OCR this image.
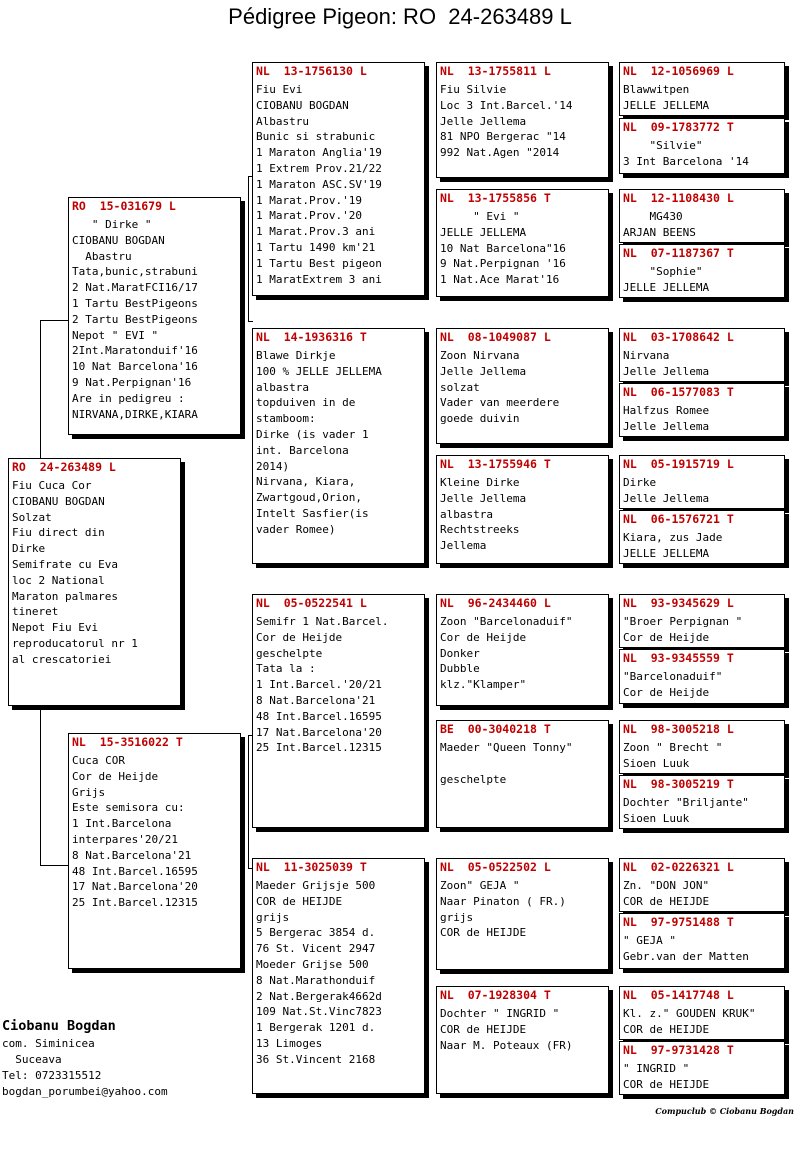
Pédigree Pigeon: RO  24-263489 L
RO  24-263489 L
Fiu Cuca Cor
CIOBANU BOGDAN
Solzat
Fiu direct din
Dirke
Semifrate cu Eva
loc 2 National
Maraton palmares
tineret
Nepot Fiu Evi
reproducatorul nr 1
al crescatoriei
RO  15-031679 L
" Dirke "
CIOBANU BOGDAN
Abastru
Tata,bunic,strabuni
2 Nat.MaratFCI16/17
1 Tartu BestPigeons
2 Tartu BestPigeons
Nepot " EVI "
2Int.Maratonduif'16
10 Nat Barcelona'16
9 Nat.Perpignan'16
Are in pedigreu :
NIRVANA,DIRKE,KIARA
NL  15-3516022 T
Cuca COR
Cor de Heijde
Grijs
Este semisora cu:
1 Int.Barcelona
interpares'20/21
8 Nat.Barcelona'21
48 Int.Barcel.16595
17 Nat.Barcelona'20
25 Int.Barcel.12315
NL  13-1756130 L
Fiu Evi
CIOBANU BOGDAN
Albastru
Bunic si strabunic
1 Maraton Anglia'19
1 Extrem Prov.21/22
1 Maraton ASC.SV'19
1 Marat.Prov.'19
1 Marat.Prov.'20
1 Marat.Prov.3 ani
1 Tartu 1490 km'21
1 Tartu Best pigeon
1 MaratExtrem 3 ani
NL  14-1936316 T
Blawe Dirkje
100 % JELLE JELLEMA
albastra
topduiven in de
stamboom:
Dirke (is vader 1
int. Barcelona
2014)
Nirvana, Kiara,
Zwartgoud,Orion,
Intelt Sasfier(is
vader Romee)
NL  05-0522541 L
Semifr 1 Nat.Barcel.
Cor de Heijde
geschelpte
Tata la :
1 Int.Barcel.'20/21
8 Nat.Barcelona'21
48 Int.Barcel.16595
17 Nat.Barcelona'20
25 Int.Barcel.12315
NL  11-3025039 T
Maeder Grijsje 500
COR de HEIJDE
grijs
5 Bergerac 3854 d.
76 St. Vicent 2947
Moeder Grijse 500
8 Nat.Marathonduif
2 Nat.Bergerak4662d
109 Nat.St.Vinc7823
1 Bergerak 1201 d.
13 Limoges
36 St.Vincent 2168
NL  13-1755811 L
Fiu Silvie
Loc 3 Int.Barcel.'14
Jelle Jellema
81 NPO Bergerac "14
992 Nat.Agen "2014
NL  13-1755856 T
" Evi "
JELLE JELLEMA
10 Nat Barcelona"16
9 Nat.Perpignan '16
1 Nat.Ace Marat'16
NL  08-1049087 L
Zoon Nirvana
Jelle Jellema
solzat
Vader van meerdere
goede duivin
NL  13-1755946 T
Kleine Dirke
Jelle Jellema
albastra
Rechtstreeks
Jellema
NL  96-2434460 L
Zoon "Barcelonaduif"
Cor de Heijde
Donker
Dubble
klz."Klamper"
BE  00-3040218 T
Maeder "Queen Tonny"

geschelpte
NL  05-0522502 L
Zoon" GEJA "
Naar Pinaton ( FR.)
grijs
COR de HEIJDE
NL  07-1928304 T
Dochter " INGRID "
COR de HEIJDE
Naar M. Poteaux (FR)
NL  12-1056969 L
Blawwitpen
JELLE JELLEMA
NL  09-1783772 T
"Silvie"
3 Int Barcelona '14
NL  12-1108430 L
MG430
ARJAN BEENS
NL  07-1187367 T
"Sophie"
JELLE JELLEMA
NL  03-1708642 L
Nirvana
Jelle Jellema
NL  06-1577083 T
Halfzus Romee
Jelle Jellema
NL  05-1915719 L
Dirke
Jelle Jellema
NL  06-1576721 T
Kiara, zus Jade
JELLE JELLEMA
NL  93-9345629 L
"Broer Perpignan "
Cor de Heijde
NL  93-9345559 T
"Barcelonaduif"
Cor de Heijde
NL  98-3005218 L
Zoon " Brecht "
Sioen Luuk
NL  98-3005219 T
Dochter "Briljante"
Sioen Luuk
NL  02-0226321 L
Zn. "DON JON"
COR de HEIJDE
NL  97-9751488 T
" GEJA "
Gebr.van der Matten
NL  05-1417748 L
Kl. z." GOUDEN KRUK"
COR de HEIJDE
NL  97-9731428 T
" INGRID "
COR de HEIJDE
Ciobanu Bogdan
com. Siminicea
Suceava
Tel: 0723315512
bogdan_porumbei@yahoo.com
Compuclub © Ciobanu Bogdan
